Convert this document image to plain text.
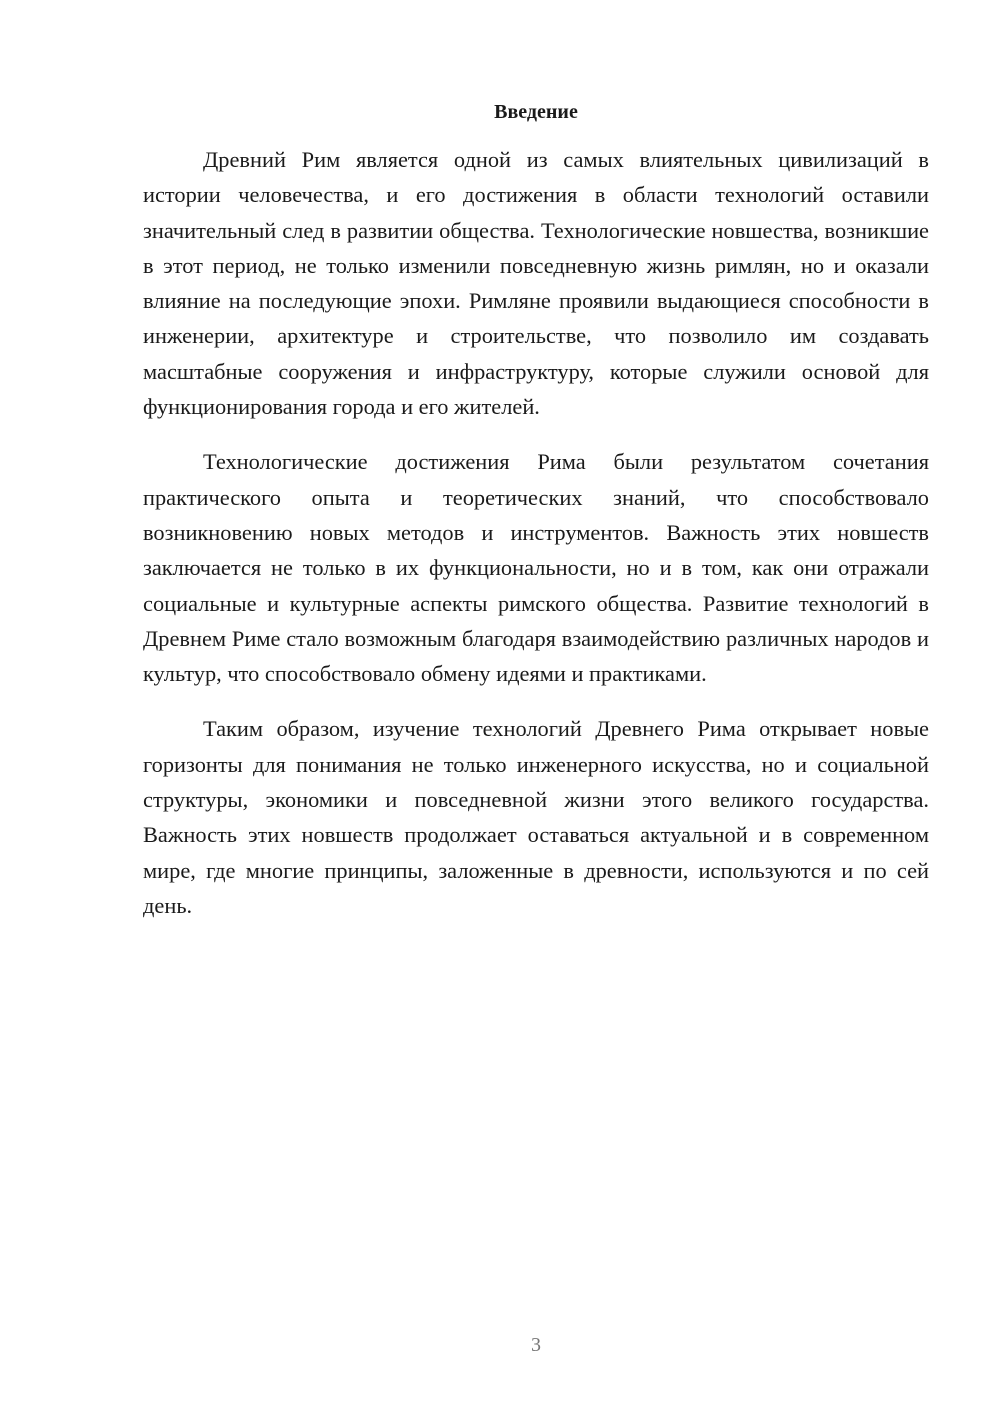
Введение

Древний Рим является одной из самых влиятельных цивилизаций в истории человечества, и его достижения в области технологий оставили значительный след в развитии общества. Технологические новшества, возникшие в этот период, не только изменили повседневную жизнь римлян, но и оказали влияние на последующие эпохи. Римляне проявили выдающиеся способности в инженерии, архитектуре и строительстве, что позволило им создавать масштабные сооружения и инфраструктуру, которые служили основой для функционирования города и его жителей.

Технологические достижения Рима были результатом сочетания практического опыта и теоретических знаний, что способствовало возникновению новых методов и инструментов. Важность этих новшеств заключается не только в их функциональности, но и в том, как они отражали социальные и культурные аспекты римского общества. Развитие технологий в Древнем Риме стало возможным благодаря взаимодействию различных народов и культур, что способствовало обмену идеями и практиками.

Таким образом, изучение технологий Древнего Рима открывает новые горизонты для понимания не только инженерного искусства, но и социальной структуры, экономики и повседневной жизни этого великого государства. Важность этих новшеств продолжает оставаться актуальной и в современном мире, где многие принципы, заложенные в древности, используются и по сей день.

3
